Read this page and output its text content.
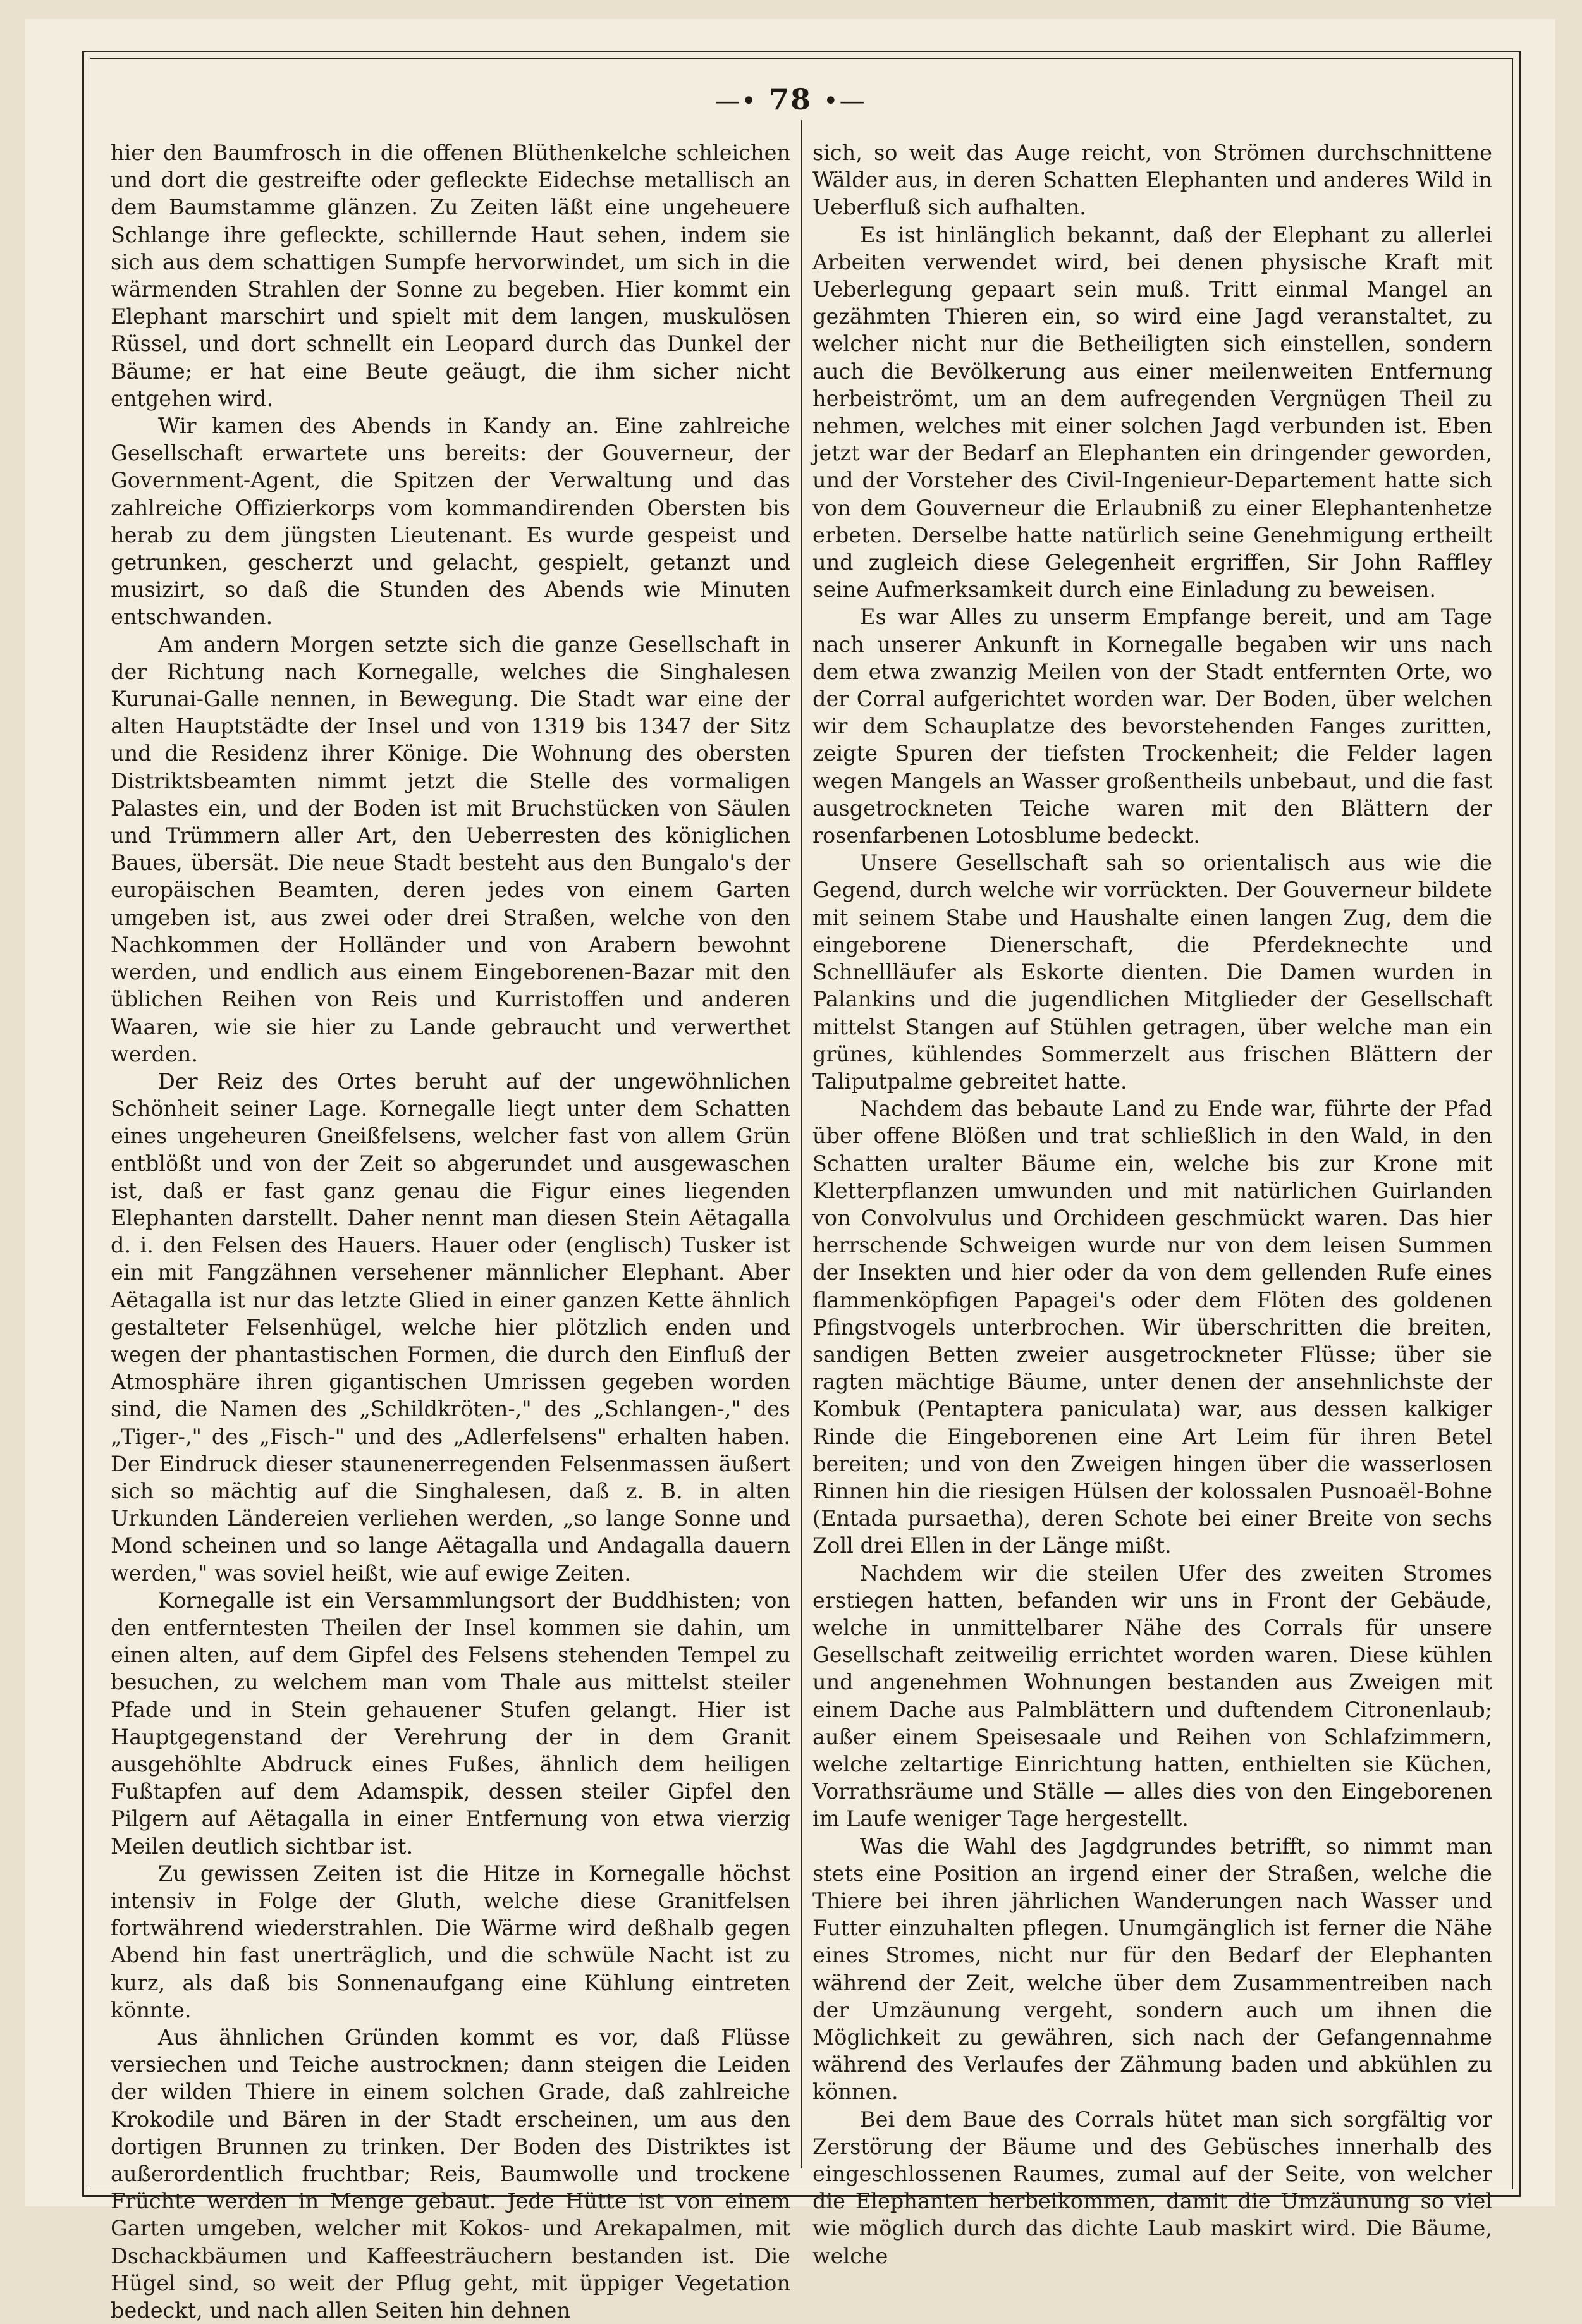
—• 78 •—

hier den Baumfrosch in die offenen Blüthenkelche schleichen und dort die gestreifte oder gefleckte Eidechse metallisch an dem Baumstamme glänzen. Zu Zeiten läßt eine ungeheuere Schlange ihre gefleckte, schillernde Haut sehen, indem sie sich aus dem schattigen Sumpfe hervorwindet, um sich in die wärmenden Strahlen der Sonne zu begeben. Hier kommt ein Elephant marschirt und spielt mit dem langen, muskulösen Rüssel, und dort schnellt ein Leopard durch das Dunkel der Bäume; er hat eine Beute geäugt, die ihm sicher nicht entgehen wird.

Wir kamen des Abends in Kandy an. Eine zahlreiche Gesellschaft erwartete uns bereits: der Gouverneur, der Government-Agent, die Spitzen der Verwaltung und das zahlreiche Offizierkorps vom kommandirenden Obersten bis herab zu dem jüngsten Lieutenant. Es wurde gespeist und getrunken, gescherzt und gelacht, gespielt, getanzt und musizirt, so daß die Stunden des Abends wie Minuten entschwanden.

Am andern Morgen setzte sich die ganze Gesellschaft in der Richtung nach Kornegalle, welches die Singhalesen Kurunai-Galle nennen, in Bewegung. Die Stadt war eine der alten Hauptstädte der Insel und von 1319 bis 1347 der Sitz und die Residenz ihrer Könige. Die Wohnung des obersten Distriktsbeamten nimmt jetzt die Stelle des vormaligen Palastes ein, und der Boden ist mit Bruchstücken von Säulen und Trümmern aller Art, den Ueberresten des königlichen Baues, übersät. Die neue Stadt besteht aus den Bungalo's der europäischen Beamten, deren jedes von einem Garten umgeben ist, aus zwei oder drei Straßen, welche von den Nachkommen der Holländer und von Arabern bewohnt werden, und endlich aus einem Eingeborenen-Bazar mit den üblichen Reihen von Reis und Kurristoffen und anderen Waaren, wie sie hier zu Lande gebraucht und verwerthet werden.

Der Reiz des Ortes beruht auf der ungewöhnlichen Schönheit seiner Lage. Kornegalle liegt unter dem Schatten eines ungeheuren Gneißfelsens, welcher fast von allem Grün entblößt und von der Zeit so abgerundet und ausgewaschen ist, daß er fast ganz genau die Figur eines liegenden Elephanten darstellt. Daher nennt man diesen Stein Aëtagalla d. i. den Felsen des Hauers. Hauer oder (englisch) Tusker ist ein mit Fangzähnen versehener männlicher Elephant. Aber Aëtagalla ist nur das letzte Glied in einer ganzen Kette ähnlich gestalteter Felsenhügel, welche hier plötzlich enden und wegen der phantastischen Formen, die durch den Einfluß der Atmosphäre ihren gigantischen Umrissen gegeben worden sind, die Namen des „Schildkröten-," des „Schlangen-," des „Tiger-," des „Fisch-" und des „Adlerfelsens" erhalten haben. Der Eindruck dieser staunenerregenden Felsenmassen äußert sich so mächtig auf die Singhalesen, daß z. B. in alten Urkunden Ländereien verliehen werden, „so lange Sonne und Mond scheinen und so lange Aëtagalla und Andagalla dauern werden," was soviel heißt, wie auf ewige Zeiten.

Kornegalle ist ein Versammlungsort der Buddhisten; von den entferntesten Theilen der Insel kommen sie dahin, um einen alten, auf dem Gipfel des Felsens stehenden Tempel zu besuchen, zu welchem man vom Thale aus mittelst steiler Pfade und in Stein gehauener Stufen gelangt. Hier ist Hauptgegenstand der Verehrung der in dem Granit ausgehöhlte Abdruck eines Fußes, ähnlich dem heiligen Fußtapfen auf dem Adamspik, dessen steiler Gipfel den Pilgern auf Aëtagalla in einer Entfernung von etwa vierzig Meilen deutlich sichtbar ist.

Zu gewissen Zeiten ist die Hitze in Kornegalle höchst intensiv in Folge der Gluth, welche diese Granitfelsen fortwährend wiederstrahlen. Die Wärme wird deßhalb gegen Abend hin fast unerträglich, und die schwüle Nacht ist zu kurz, als daß bis Sonnenaufgang eine Kühlung eintreten könnte.

Aus ähnlichen Gründen kommt es vor, daß Flüsse versiechen und Teiche austrocknen; dann steigen die Leiden der wilden Thiere in einem solchen Grade, daß zahlreiche Krokodile und Bären in der Stadt erscheinen, um aus den dortigen Brunnen zu trinken. Der Boden des Distriktes ist außerordentlich fruchtbar; Reis, Baumwolle und trockene Früchte werden in Menge gebaut. Jede Hütte ist von einem Garten umgeben, welcher mit Kokos- und Arekapalmen, mit Dschackbäumen und Kaffeesträuchern bestanden ist. Die Hügel sind, so weit der Pflug geht, mit üppiger Vegetation bedeckt, und nach allen Seiten hin dehnen

sich, so weit das Auge reicht, von Strömen durchschnittene Wälder aus, in deren Schatten Elephanten und anderes Wild in Ueberfluß sich aufhalten.

Es ist hinlänglich bekannt, daß der Elephant zu allerlei Arbeiten verwendet wird, bei denen physische Kraft mit Ueberlegung gepaart sein muß. Tritt einmal Mangel an gezähmten Thieren ein, so wird eine Jagd veranstaltet, zu welcher nicht nur die Betheiligten sich einstellen, sondern auch die Bevölkerung aus einer meilenweiten Entfernung herbeiströmt, um an dem aufregenden Vergnügen Theil zu nehmen, welches mit einer solchen Jagd verbunden ist. Eben jetzt war der Bedarf an Elephanten ein dringender geworden, und der Vorsteher des Civil-Ingenieur-Departement hatte sich von dem Gouverneur die Erlaubniß zu einer Elephantenhetze erbeten. Derselbe hatte natürlich seine Genehmigung ertheilt und zugleich diese Gelegenheit ergriffen, Sir John Raffley seine Aufmerksamkeit durch eine Einladung zu beweisen.

Es war Alles zu unserm Empfange bereit, und am Tage nach unserer Ankunft in Kornegalle begaben wir uns nach dem etwa zwanzig Meilen von der Stadt entfernten Orte, wo der Corral aufgerichtet worden war. Der Boden, über welchen wir dem Schauplatze des bevorstehenden Fanges zuritten, zeigte Spuren der tiefsten Trockenheit; die Felder lagen wegen Mangels an Wasser großentheils unbebaut, und die fast ausgetrockneten Teiche waren mit den Blättern der rosenfarbenen Lotosblume bedeckt.

Unsere Gesellschaft sah so orientalisch aus wie die Gegend, durch welche wir vorrückten. Der Gouverneur bildete mit seinem Stabe und Haushalte einen langen Zug, dem die eingeborene Dienerschaft, die Pferdeknechte und Schnellläufer als Eskorte dienten. Die Damen wurden in Palankins und die jugendlichen Mitglieder der Gesellschaft mittelst Stangen auf Stühlen getragen, über welche man ein grünes, kühlendes Sommerzelt aus frischen Blättern der Taliputpalme gebreitet hatte.

Nachdem das bebaute Land zu Ende war, führte der Pfad über offene Blößen und trat schließlich in den Wald, in den Schatten uralter Bäume ein, welche bis zur Krone mit Kletterpflanzen umwunden und mit natürlichen Guirlanden von Convolvulus und Orchideen geschmückt waren. Das hier herrschende Schweigen wurde nur von dem leisen Summen der Insekten und hier oder da von dem gellenden Rufe eines flammenköpfigen Papagei's oder dem Flöten des goldenen Pfingstvogels unterbrochen. Wir überschritten die breiten, sandigen Betten zweier ausgetrockneter Flüsse; über sie ragten mächtige Bäume, unter denen der ansehnlichste der Kombuk (Pentaptera paniculata) war, aus dessen kalkiger Rinde die Eingeborenen eine Art Leim für ihren Betel bereiten; und von den Zweigen hingen über die wasserlosen Rinnen hin die riesigen Hülsen der kolossalen Pusnoaël-Bohne (Entada pursaetha), deren Schote bei einer Breite von sechs Zoll drei Ellen in der Länge mißt.

Nachdem wir die steilen Ufer des zweiten Stromes erstiegen hatten, befanden wir uns in Front der Gebäude, welche in unmittelbarer Nähe des Corrals für unsere Gesellschaft zeitweilig errichtet worden waren. Diese kühlen und angenehmen Wohnungen bestanden aus Zweigen mit einem Dache aus Palmblättern und duftendem Citronenlaub; außer einem Speisesaale und Reihen von Schlafzimmern, welche zeltartige Einrichtung hatten, enthielten sie Küchen, Vorrathsräume und Ställe — alles dies von den Eingeborenen im Laufe weniger Tage hergestellt.

Was die Wahl des Jagdgrundes betrifft, so nimmt man stets eine Position an irgend einer der Straßen, welche die Thiere bei ihren jährlichen Wanderungen nach Wasser und Futter einzuhalten pflegen. Unumgänglich ist ferner die Nähe eines Stromes, nicht nur für den Bedarf der Elephanten während der Zeit, welche über dem Zusammentreiben nach der Umzäunung vergeht, sondern auch um ihnen die Möglichkeit zu gewähren, sich nach der Gefangennahme während des Verlaufes der Zähmung baden und abkühlen zu können.

Bei dem Baue des Corrals hütet man sich sorgfältig vor Zerstörung der Bäume und des Gebüsches innerhalb des eingeschlossenen Raumes, zumal auf der Seite, von welcher die Elephanten herbeikommen, damit die Umzäunung so viel wie möglich durch das dichte Laub maskirt wird. Die Bäume, welche
